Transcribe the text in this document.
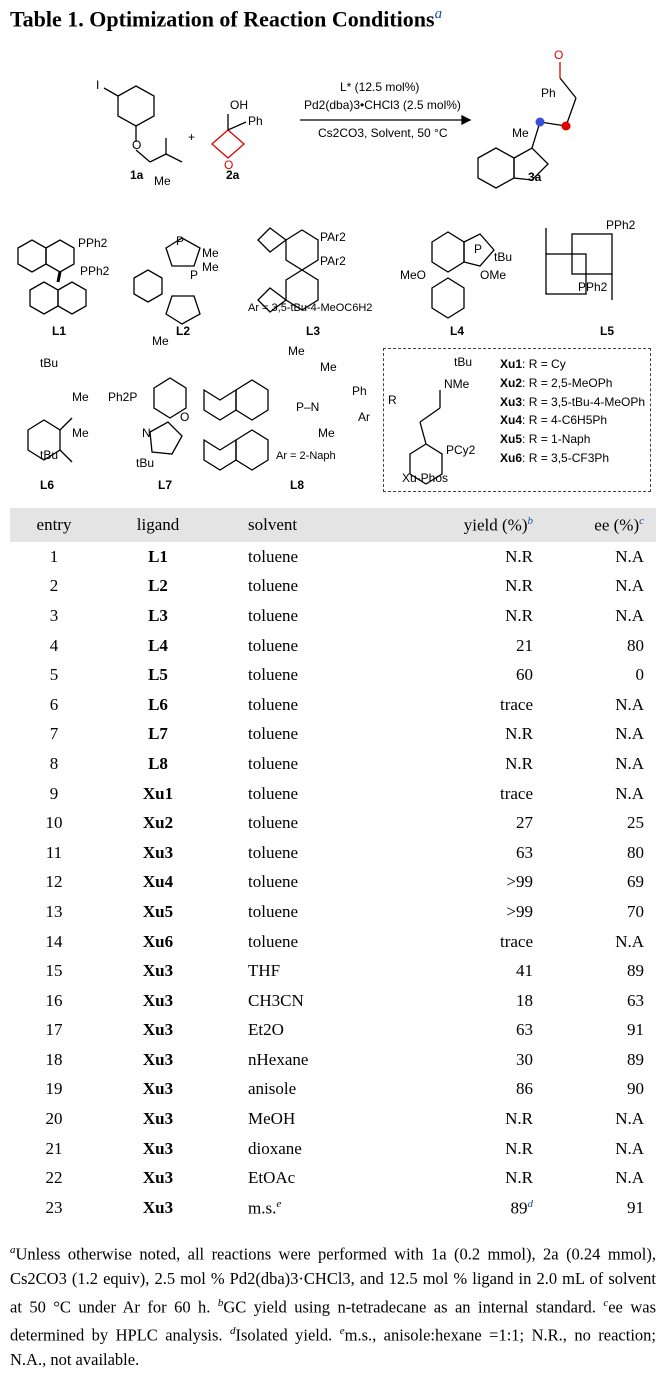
Table 1. Optimization of Reaction Conditions$^a$
I
O
+
OH
Ph
O
L* (12.5 mol%)
Pd2(dba)3•CHCl3 (2.5 mol%)
Cs2CO3, Solvent, 50 °C
Ph
Me
O
1a	2a	3a
PPh2
PPh2
Me
Me
Me
Me
P
P
PAr2
PAr2
Ar = 3,5-tBu-4-MeOC6H2
P
tBu
MeO	OMe
PPh2
PPh2
L1	L2	L3	L4	L5
tBu
Me
Me
tBu
Ph2P
N
O
tBu
Me
Ph
Me
Ar
Me
P–N
Ar = 2-Naph
L6	L7	L8
tBu
NMe
R
PCy2
Xu-Phos
Xu1: R = Cy
Xu2: R = 2,5-MeOPh
Xu3: R = 3,5-tBu-4-MeOPh
Xu4: R = 4-C6H5Ph
Xu5: R = 1-Naph
Xu6: R = 3,5-CF3Ph
entry	ligand	solvent	yield (%)$^b$	ee (%)$^c$
1	L1	toluene	N.R	N.A
2	L2	toluene	N.R	N.A
3	L3	toluene	N.R	N.A
4	L4	toluene	21	80
5	L5	toluene	60	0
6	L6	toluene	trace	N.A
7	L7	toluene	N.R	N.A
8	L8	toluene	N.R	N.A
9	Xu1	toluene	trace	N.A
10	Xu2	toluene	27	25
11	Xu3	toluene	63	80
12	Xu4	toluene	>99	69
13	Xu5	toluene	>99	70
14	Xu6	toluene	trace	N.A
15	Xu3	THF	41	89
16	Xu3	CH3CN	18	63
17	Xu3	Et2O	63	91
18	Xu3	nHexane	30	89
19	Xu3	anisole	86	90
20	Xu3	MeOH	N.R	N.A
21	Xu3	dioxane	N.R	N.A
22	Xu3	EtOAc	N.R	N.A
23	Xu3	m.s.$^e$	89$^d$	91
$^a$Unless otherwise noted, all reactions were performed with 1a (0.2 mmol), 2a (0.24 mmol), Cs2CO3 (1.2 equiv), 2.5 mol % Pd2(dba)3·CHCl3, and 12.5 mol % ligand in 2.0 mL of solvent at 50 °C under Ar for 60 h. $^b$GC yield using n-tetradecane as an internal standard. $^c$ee was determined by HPLC analysis. $^d$Isolated yield. $^e$m.s., anisole:hexane =1:1; N.R., no reaction; N.A., not available.
